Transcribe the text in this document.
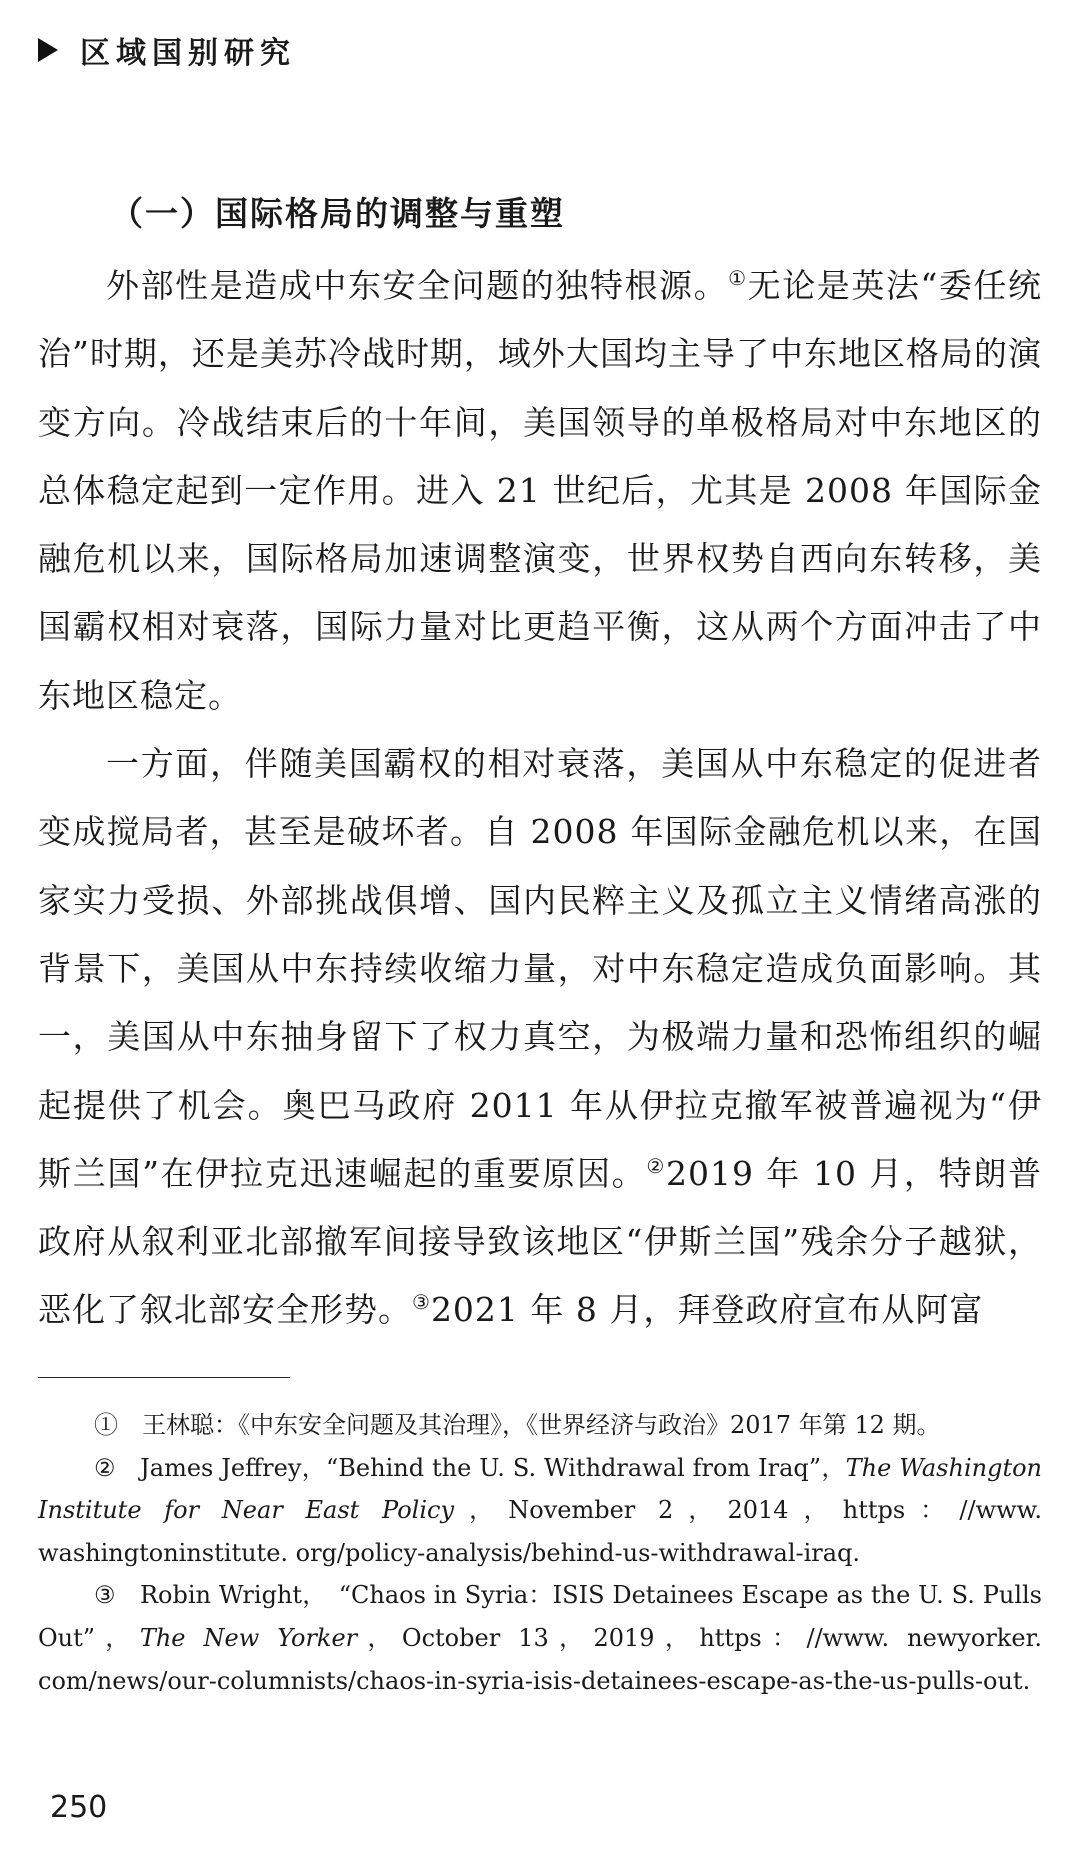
区域国别研究
（一）国际格局的调整与重塑

外部性是造成中东安全问题的独特根源。①无论是英法“委任统治”时期，还是美苏冷战时期，域外大国均主导了中东地区格局的演变方向。冷战结束后的十年间，美国领导的单极格局对中东地区的总体稳定起到一定作用。进入 21 世纪后，尤其是 2008 年国际金融危机以来，国际格局加速调整演变，世界权势自西向东转移，美国霸权相对衰落，国际力量对比更趋平衡，这从两个方面冲击了中东地区稳定。

一方面，伴随美国霸权的相对衰落，美国从中东稳定的促进者变成搅局者，甚至是破坏者。自 2008 年国际金融危机以来，在国家实力受损、外部挑战俱增、国内民粹主义及孤立主义情绪高涨的背景下，美国从中东持续收缩力量，对中东稳定造成负面影响。其一，美国从中东抽身留下了权力真空，为极端力量和恐怖组织的崛起提供了机会。奥巴马政府 2011 年从伊拉克撤军被普遍视为“伊斯兰国”在伊拉克迅速崛起的重要原因。②2019 年 10 月，特朗普政府从叙利亚北部撤军间接导致该地区“伊斯兰国”残余分子越狱，恶化了叙北部安全形势。③2021 年 8 月，拜登政府宣布从阿富

①　王林聪：《中东安全问题及其治理》，《世界经济与政治》2017 年第 12 期。

②　James Jeffrey，“Behind the U. S. Withdrawal from Iraq”，The Washington Institute for Near East Policy，November 2，2014，https：//www. washingtoninstitute. org/policy-analysis/behind-us-withdrawal-iraq.

③　Robin Wright，　“Chaos in Syria：ISIS Detainees Escape as the U. S. Pulls Out”，The New Yorker，October 13，2019，https：//www. newyorker. com/news/our-columnists/chaos-in-syria-isis-detainees-escape-as-the-us-pulls-out.

250
